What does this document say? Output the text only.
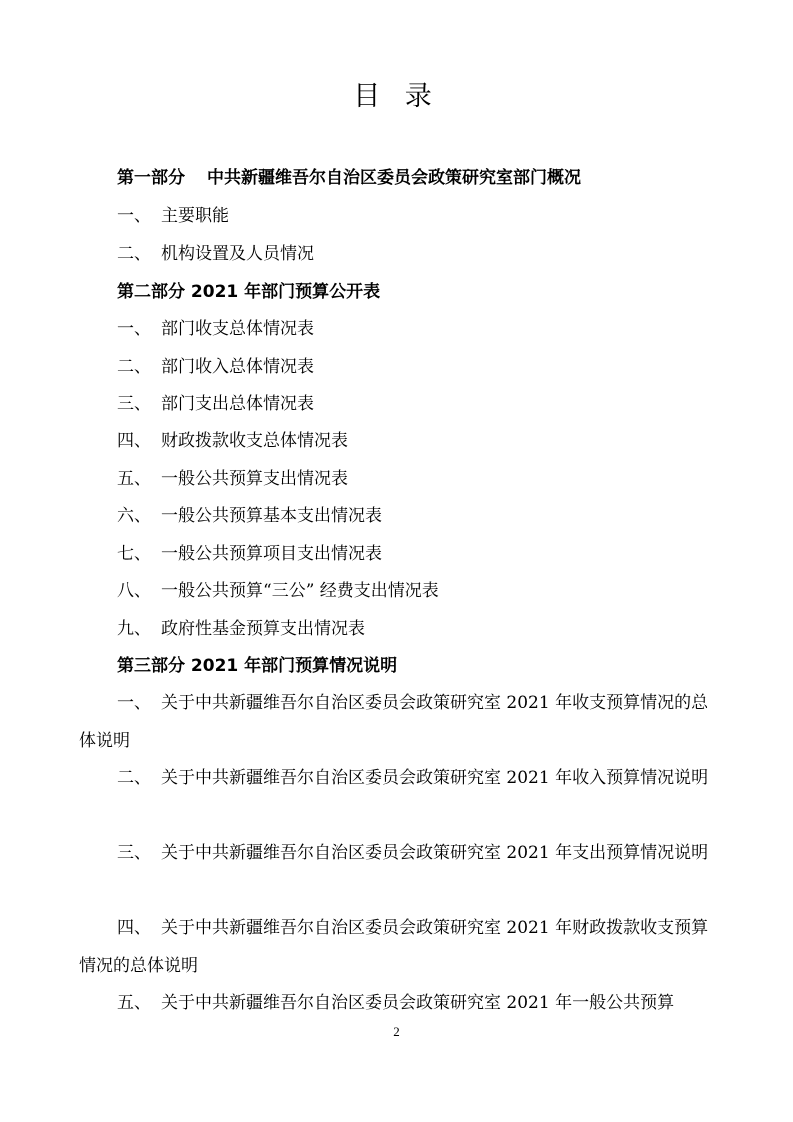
目 录
第一部分 中共新疆维吾尔自治区委员会政策研究室部门概况
一、 主要职能
二、 机构设置及人员情况
第二部分 2021 年部门预算公开表
一、 部门收支总体情况表
二、 部门收入总体情况表
三、 部门支出总体情况表
四、 财政拨款收支总体情况表
五、 一般公共预算支出情况表
六、 一般公共预算基本支出情况表
七、 一般公共预算项目支出情况表
八、 一般公共预算“三公” 经费支出情况表
九、 政府性基金预算支出情况表
第三部分 2021 年部门预算情况说明
一、 关于中共新疆维吾尔自治区委员会政策研究室 2021 年收支预算情况的总体说明
二、 关于中共新疆维吾尔自治区委员会政策研究室 2021 年收入预算情况说明
三、 关于中共新疆维吾尔自治区委员会政策研究室 2021 年支出预算情况说明
四、 关于中共新疆维吾尔自治区委员会政策研究室 2021 年财政拨款收支预算情况的总体说明
五、 关于中共新疆维吾尔自治区委员会政策研究室 2021 年一般公共预算
2
